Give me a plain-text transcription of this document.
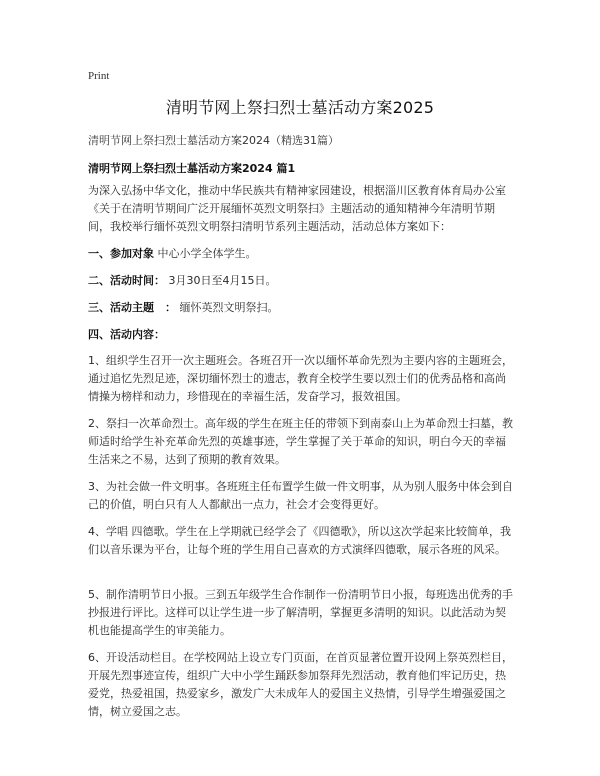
Print
清明节网上祭扫烈士墓活动方案2025
清明节网上祭扫烈士墓活动方案2024（精选31篇）
清明节网上祭扫烈士墓活动方案2024 篇1

为深入弘扬中华文化，推动中华民族共有精神家园建设，根据淄川区教育体育局办公室《关于在清明节期间广泛开展缅怀英烈文明祭扫》主题活动的通知精神今年清明节期间，我校举行缅怀英烈文明祭扫清明节系列主题活动，活动总体方案如下：

一、参加对象 中心小学全体学生。

二、活动时间： 3月30日至4月15日。

三、活动主题　： 缅怀英烈文明祭扫。

四、活动内容：

1、组织学生召开一次主题班会。各班召开一次以缅怀革命先烈为主要内容的主题班会，通过追忆先烈足迹，深切缅怀烈士的遗志，教育全校学生要以烈士们的优秀品格和高尚情操为榜样和动力，珍惜现在的幸福生活，发奋学习，报效祖国。

2、祭扫一次革命烈士。高年级的学生在班主任的带领下到南泰山上为革命烈士扫墓，教师适时给学生补充革命先烈的英雄事迹，学生掌握了关于革命的知识，明白今天的幸福生活来之不易，达到了预期的教育效果。

3、为社会做一件文明事。各班班主任布置学生做一件文明事，从为别人服务中体会到自己的价值，明白只有人人都献出一点力，社会才会变得更好。

4、学唱 四德歌。学生在上学期就已经学会了《四德歌》，所以这次学起来比较简单，我们以音乐课为平台，让每个班的学生用自己喜欢的方式演绎四德歌，展示各班的风采。

5、制作清明节日小报。三到五年级学生合作制作一份清明节日小报，每班选出优秀的手抄报进行评比。这样可以让学生进一步了解清明，掌握更多清明的知识。以此活动为契机也能提高学生的审美能力。

6、开设活动栏目。在学校网站上设立专门页面，在首页显著位置开设网上祭英烈栏目，开展先烈事迹宣传，组织广大中小学生踊跃参加祭拜先烈活动，教育他们牢记历史，热爱党，热爱祖国，热爱家乡，激发广大未成年人的爱国主义热情，引导学生增强爱国之情，树立爱国之志。
